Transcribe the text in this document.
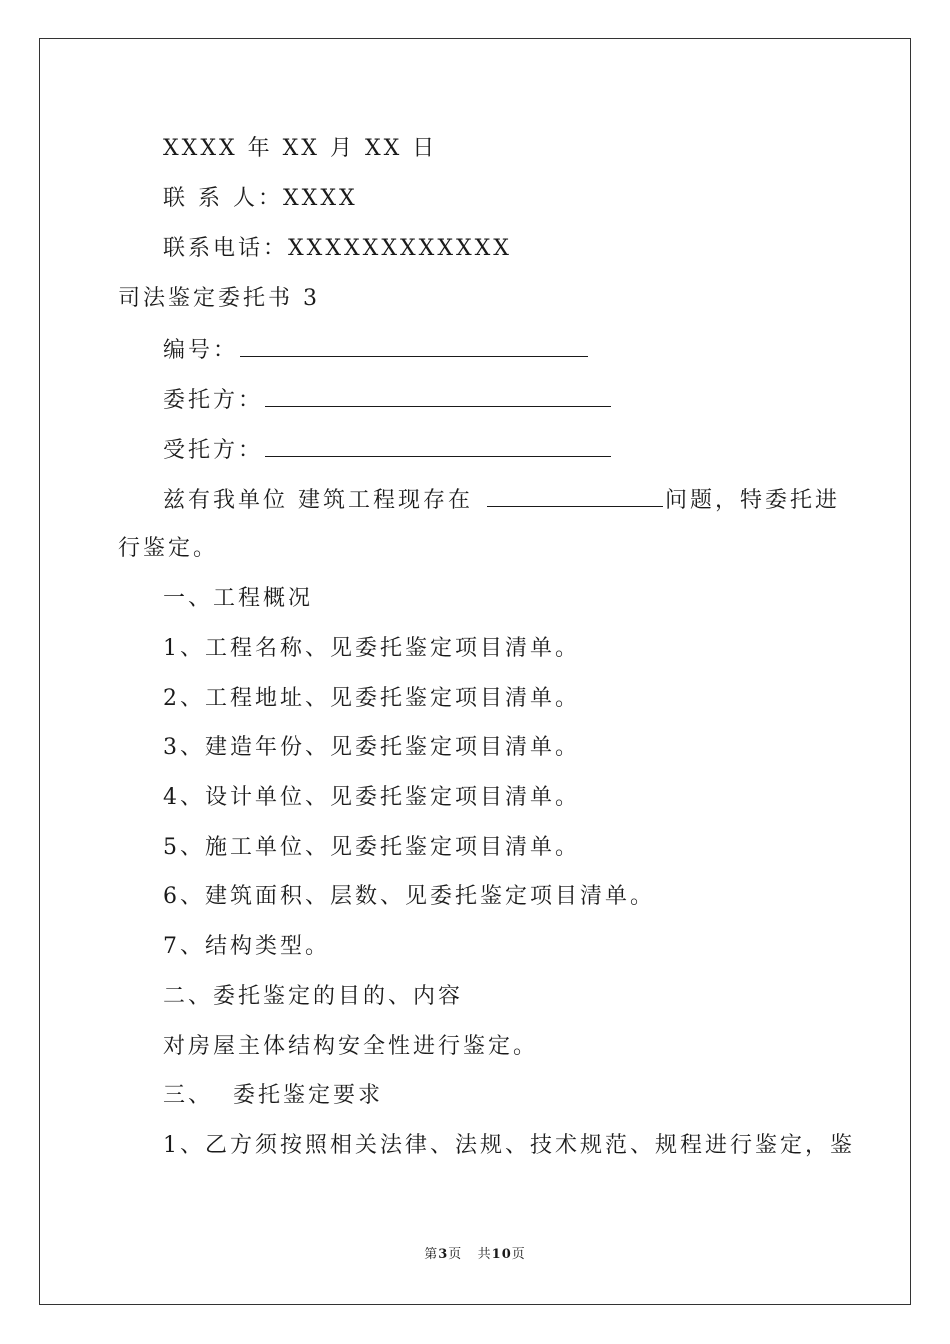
XXXX 年 XX 月 XX 日
联 系 人：XXXX
联系电话：XXXXXXXXXXXX
司法鉴定委托书 3
编号：
委托方：
受托方：
兹有我单位 建筑工程现存在	问题，特委托进
行鉴定。
一、工程概况
1、工程名称、见委托鉴定项目清单。
2、工程地址、见委托鉴定项目清单。
3、建造年份、见委托鉴定项目清单。
4、设计单位、见委托鉴定项目清单。
5、施工单位、见委托鉴定项目清单。
6、建筑面积、层数、见委托鉴定项目清单。
7、结构类型。
二、委托鉴定的目的、内容
对房屋主体结构安全性进行鉴定。
三、  委托鉴定要求
1、乙方须按照相关法律、法规、技术规范、规程进行鉴定，鉴
第3页   共10页
